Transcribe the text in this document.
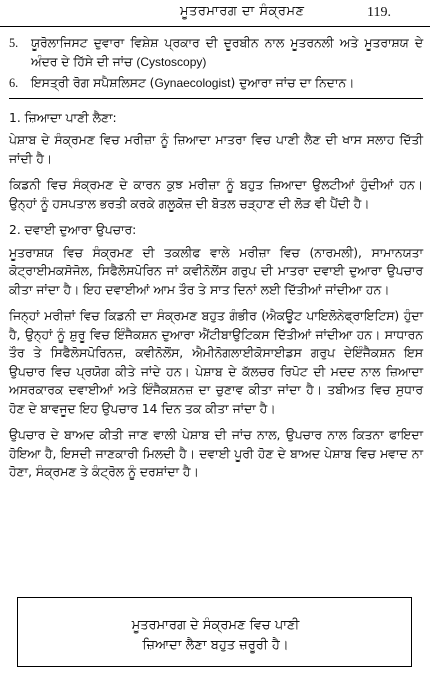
ਮੂਤਰਮਾਰਗ ਦਾ ਸੰਕ੍ਰਮਣ	119.

5. ਯੂਰੋਲਾਜਿਸਟ ਦੁਵਾਰਾ ਵਿਸ਼ੇਸ਼ ਪ੍ਰਕਾਰ ਦੀ ਦੂਰਬੀਨ ਨਾਲ ਮੂਤਰਨਲੀ ਅਤੇ ਮੂਤਰਾਸ਼ਯ ਦੇ ਅੰਦਰ ਦੇ ਹਿੱਸੇ ਦੀ ਜਾਂਚ (Cystoscopy)

6. ਇਸਤ੍ਰੀ ਰੋਗ ਸਪੈਸ਼ਲਿਸਟ (Gynaecologist) ਦੁਆਰਾ ਜਾਂਚ ਦਾ ਨਿਦਾਨ।

1. ਜ਼ਿਆਦਾ ਪਾਣੀ ਲੈਣਾ:

ਪੇਸ਼ਾਬ ਦੇ ਸੰਕ੍ਰਮਣ ਵਿਚ ਮਰੀਜ਼ਾ ਨੂੰ ਜ਼ਿਆਦਾ ਮਾਤਰਾ ਵਿਚ ਪਾਣੀ ਲੈਣ ਦੀ ਖਾਸ ਸਲਾਹ ਦਿੱਤੀ ਜਾਂਦੀ ਹੈ।

ਕਿਡਨੀ ਵਿਚ ਸੰਕ੍ਰਮਣ ਦੇ ਕਾਰਨ ਕੁਝ ਮਰੀਜ਼ਾ ਨੂੰ ਬਹੁਤ ਜ਼ਿਆਦਾ ਉਲਟੀਆਂ ਹੁੰਦੀਆਂ ਹਨ। ਉਨ੍ਹਾਂ ਨੂੰ ਹਸਪਤਾਲ ਭਰਤੀ ਕਰਕੇ ਗਲੂਕੋਜ਼ ਦੀ ਬੋਤਲ ਚੜ੍ਹਾਣ ਦੀ ਲੋੜ ਵੀ ਪੈਂਦੀ ਹੈ।

2. ਦਵਾਈ ਦੁਆਰਾ ਉਪਚਾਰ:

ਮੂਤਰਾਸ਼ਯ ਵਿਚ ਸੰਕ੍ਰਮਣ ਦੀ ਤਕਲੀਫ ਵਾਲੇ ਮਰੀਜ਼ਾ ਵਿਚ (ਨਾਰਮਲੀ), ਸਾਮਾਨਯਤਾ ਕੋਟ੍ਰਾਈਮਕਸੋਜੋਲ, ਸਿਫੈਲੋਸਪੋਰਿਨ ਜਾਂ ਕਵੀਨੋਲੋਂਸ ਗਰੁਪ ਦੀ ਮਾਤਰਾ ਦਵਾਈ ਦੁਆਰਾ ਉਪਚਾਰ ਕੀਤਾ ਜਾਂਦਾ ਹੈ। ਇਹ ਦਵਾਈਆਂ ਆਮ ਤੌਰ ਤੇ ਸਾਤ ਦਿਨਾਂ ਲਈ ਦਿੱਤੀਆਂ ਜਾਂਦੀਆ ਹਨ।

ਜਿਨ੍ਹਾਂ ਮਰੀਜ਼ਾਂ ਵਿਚ ਕਿਡਨੀ ਦਾ ਸੰਕ੍ਰਮਣ ਬਹੁਤ ਗੰਭੀਰ (ਐਕਊਟ ਪਾਇਲੋਨੇਫ੍ਰਾਇਟਿਸ) ਹੁੰਦਾ ਹੈ, ਉਨ੍ਹਾਂ ਨੂੰ ਸ਼ੁਰੂ ਵਿਚ ਇੰਜੈਕਸ਼ਨ ਦੁਆਰਾ ਐਂਟੀਬਾਉਟਿਕਸ ਦਿੱਤੀਆਂ ਜਾਂਦੀਆ ਹਨ। ਸਾਧਾਰਨ ਤੌਰ ਤੇ ਸਿਫੈਲੋਸਪੋਰਿਨਜ਼, ਕਵੀਨੋਲੋਂਸ, ਐਮੀਨੋਗਲਾਈਕੋਸਾਈਡਸ ਗਰੁਪ ਦੇਇੰਜੈਕਸ਼ਨ ਇਸ ਉਪਚਾਰ ਵਿਚ ਪ੍ਰਯੋਗ ਕੀਤੇ ਜਾਂਦੇ ਹਨ। ਪੇਸ਼ਾਬ ਦੇ ਕੱਲਚਰ ਰਿਪੋਟ ਦੀ ਮਦਦ ਨਾਲ ਜ਼ਿਆਦਾ ਅਸਰਕਾਰਕ ਦਵਾਈਆਂ ਅਤੇ ਇੰਜੈਕਸ਼ਨਜ਼ ਦਾ ਚੁਣਾਵ ਕੀਤਾ ਜਾਂਦਾ ਹੈ। ਤਬੀਅਤ ਵਿਚ ਸੁਧਾਰ ਹੋਣ ਦੇ ਬਾਵਜੂਦ ਇਹ ਉਪਚਾਰ 14 ਦਿਨ ਤਕ ਕੀਤਾ ਜਾਂਦਾ ਹੈ।

ਉਪਚਾਰ ਦੇ ਬਾਅਦ ਕੀਤੀ ਜਾਣ ਵਾਲੀ ਪੇਸ਼ਾਬ ਦੀ ਜਾਂਚ ਨਾਲ, ਉਪਚਾਰ ਨਾਲ ਕਿਤਨਾ ਫਾਇਦਾ ਹੋਇਆ ਹੈ, ਇਸਦੀ ਜਾਣਕਾਰੀ ਮਿਲਦੀ ਹੈ। ਦਵਾਈ ਪੂਰੀ ਹੋਣ ਦੇ ਬਾਅਦ ਪੇਸ਼ਾਬ ਵਿਚ ਮਵਾਦ ਨਾ ਹੋਣਾ, ਸੰਕ੍ਰਮਣ ਤੇ ਕੰਟ੍ਰੋਲ ਨੂੰ ਦਰਸ਼ਾਂਦਾ ਹੈ।

ਮੂਤਰਮਾਰਗ ਦੇ ਸੰਕ੍ਰਮਣ ਵਿਚ ਪਾਣੀ
ਜ਼ਿਆਦਾ ਲੈਣਾ ਬਹੁਤ ਜ਼ਰੂਰੀ ਹੈ।
